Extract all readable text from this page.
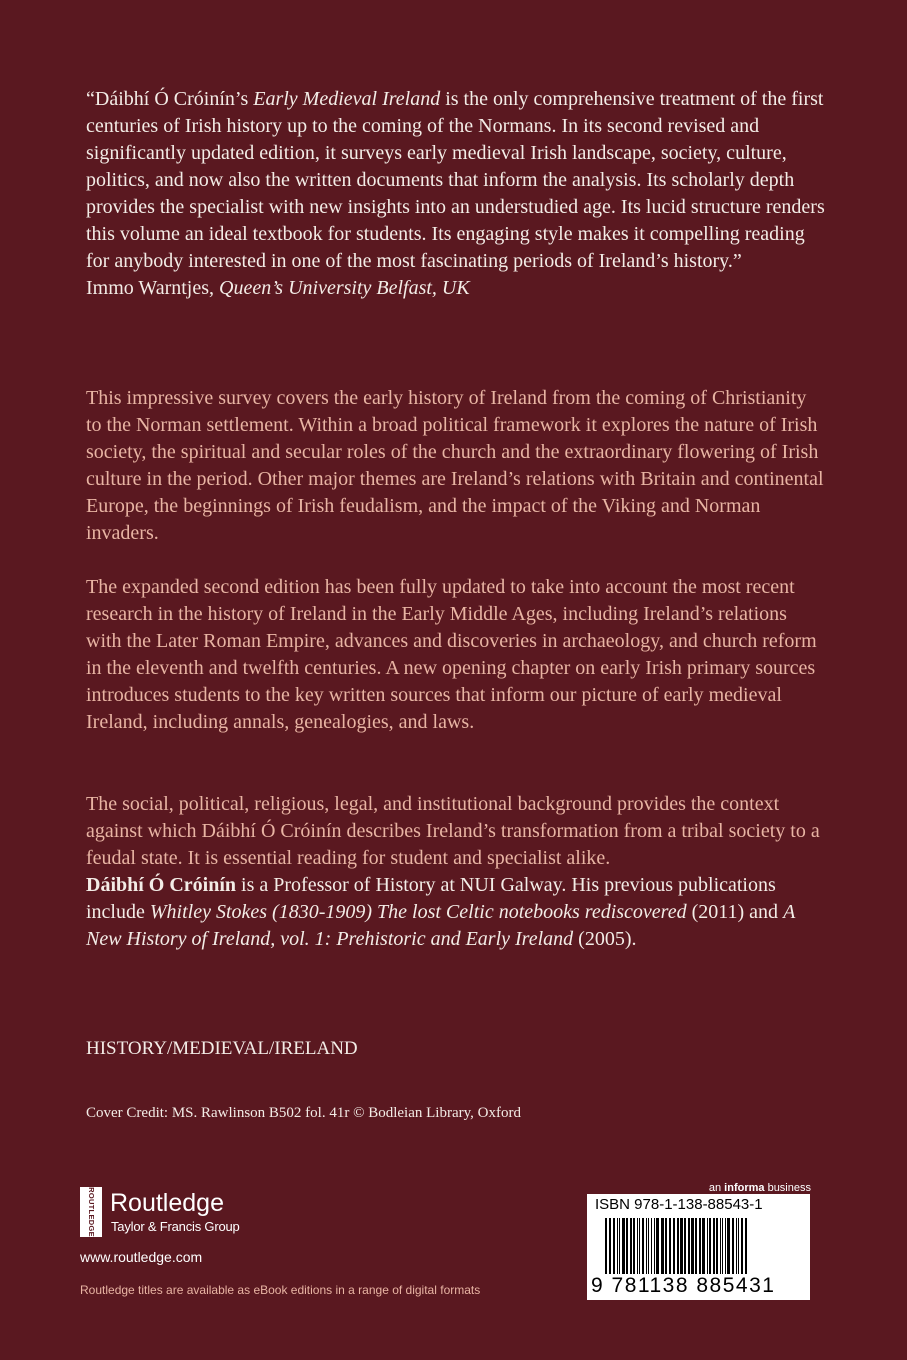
“Dáibhí Ó Cróinín’s Early Medieval Ireland is the only comprehensive treatment of the first centuries of Irish history up to the coming of the Normans. In its second revised and significantly updated edition, it surveys early medieval Irish landscape, society, culture, politics, and now also the written documents that inform the analysis. Its scholarly depth provides the specialist with new insights into an understudied age. Its lucid structure renders this volume an ideal textbook for students. Its engaging style makes it compelling reading for anybody interested in one of the most fascinating periods of Ireland’s history.”
Immo Warntjes, Queen’s University Belfast, UK

This impressive survey covers the early history of Ireland from the coming of Christianity to the Norman settlement. Within a broad political framework it explores the nature of Irish society, the spiritual and secular roles of the church and the extraordinary flowering of Irish culture in the period. Other major themes are Ireland’s relations with Britain and continental Europe, the beginnings of Irish feudalism, and the impact of the Viking and Norman invaders.

The expanded second edition has been fully updated to take into account the most recent research in the history of Ireland in the Early Middle Ages, including Ireland’s relations with the Later Roman Empire, advances and discoveries in archaeology, and church reform in the eleventh and twelfth centuries. A new opening chapter on early Irish primary sources introduces students to the key written sources that inform our picture of early medieval Ireland, including annals, genealogies, and laws.

The social, political, religious, legal, and institutional background provides the context against which Dáibhí Ó Cróinín describes Ireland’s transformation from a tribal society to a feudal state. It is essential reading for student and specialist alike.

Dáibhí Ó Cróinín is a Professor of History at NUI Galway. His previous publications include Whitley Stokes (1830-1909) The lost Celtic notebooks rediscovered (2011) and A New History of Ireland, vol. 1: Prehistoric and Early Ireland (2005).

HISTORY/MEDIEVAL/IRELAND

Cover Credit: MS. Rawlinson B502 fol. 41r © Bodleian Library, Oxford

ROUTLEDGE Routledge
Taylor & Francis Group
www.routledge.com
Routledge titles are available as eBook editions in a range of digital formats
an informa business
ISBN 978-1-138-88543-1
9 781138 885431
